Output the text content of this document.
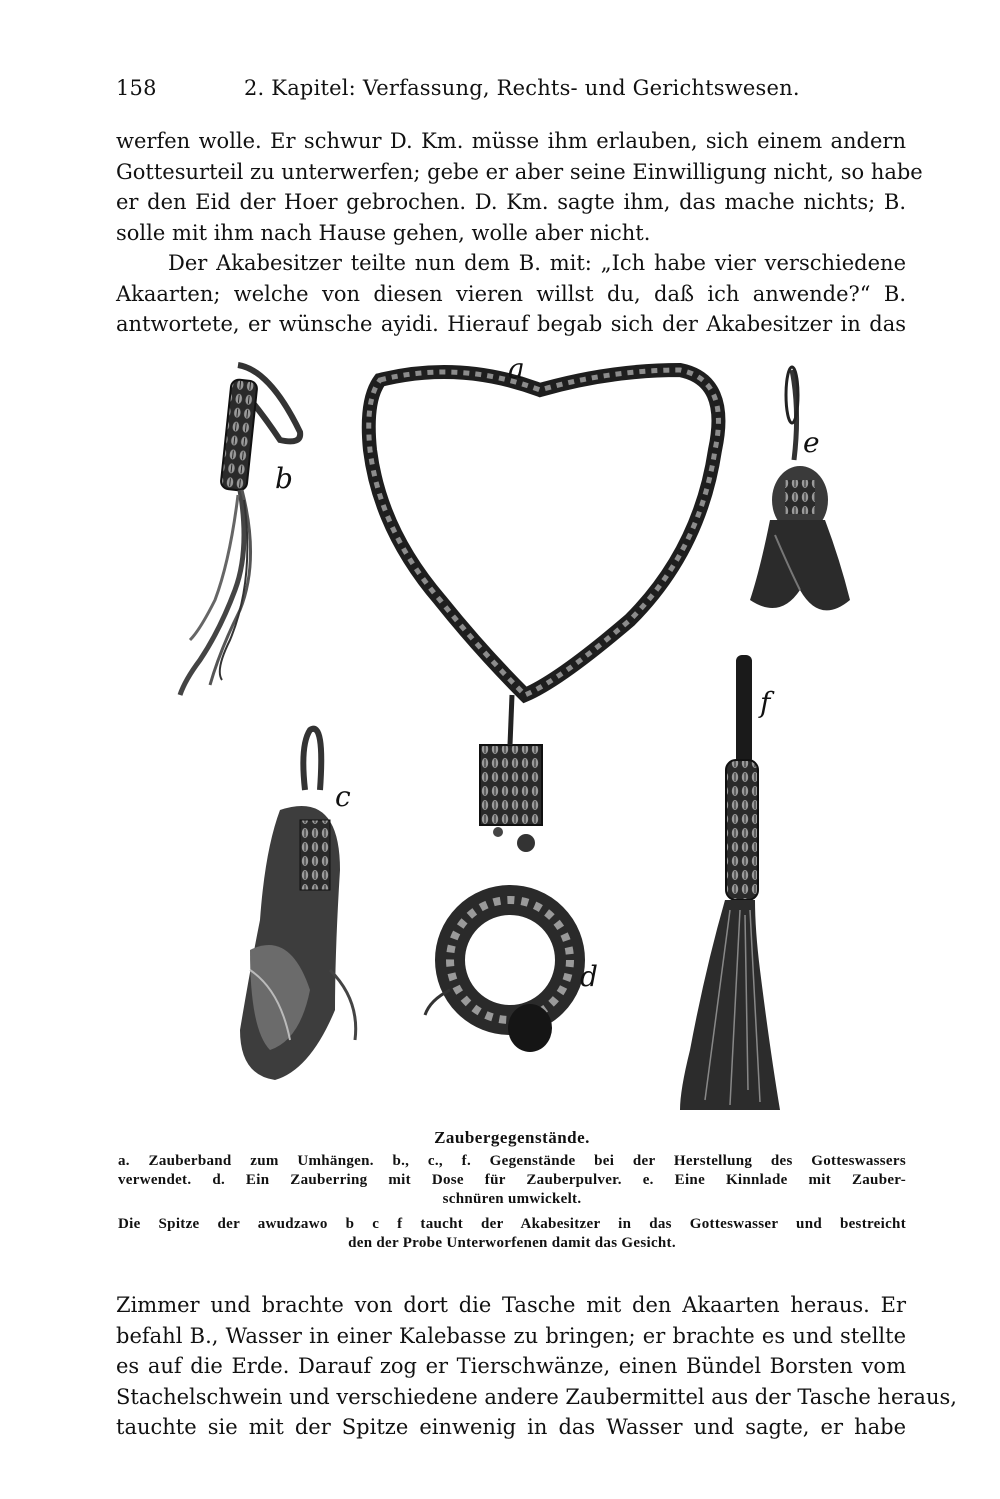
158	2. Kapitel: Verfassung, Rechts- und Gerichtswesen.
werfen wolle. Er schwur D. Km. müsse ihm erlauben, sich einem andern
Gottesurteil zu unterwerfen; gebe er aber seine Einwilligung nicht, so habe
er den Eid der Hoer gebrochen. D. Km. sagte ihm, das mache nichts; B.
solle mit ihm nach Hause gehen, wolle aber nicht.
Der Akabesitzer teilte nun dem B. mit: „Ich habe vier verschiedene
Akaarten; welche von diesen vieren willst du, daß ich anwende?“ B.
antwortete, er wünsche ayidi. Hierauf begab sich der Akabesitzer in das
a
b
e
f
c
d
Zaubergegenstände.
a. Zauberband zum Umhängen. b., c., f. Gegenstände bei der Herstellung des Gotteswassers
verwendet. d. Ein Zauberring mit Dose für Zauberpulver. e. Eine Kinnlade mit Zauber-
schnüren umwickelt.
Die Spitze der awudzawo b c f taucht der Akabesitzer in das Gotteswasser und bestreicht
den der Probe Unterworfenen damit das Gesicht.
Zimmer und brachte von dort die Tasche mit den Akaarten heraus. Er
befahl B., Wasser in einer Kalebasse zu bringen; er brachte es und stellte
es auf die Erde. Darauf zog er Tierschwänze, einen Bündel Borsten vom
Stachelschwein und verschiedene andere Zaubermittel aus der Tasche heraus,
tauchte sie mit der Spitze einwenig in das Wasser und sagte, er habe
